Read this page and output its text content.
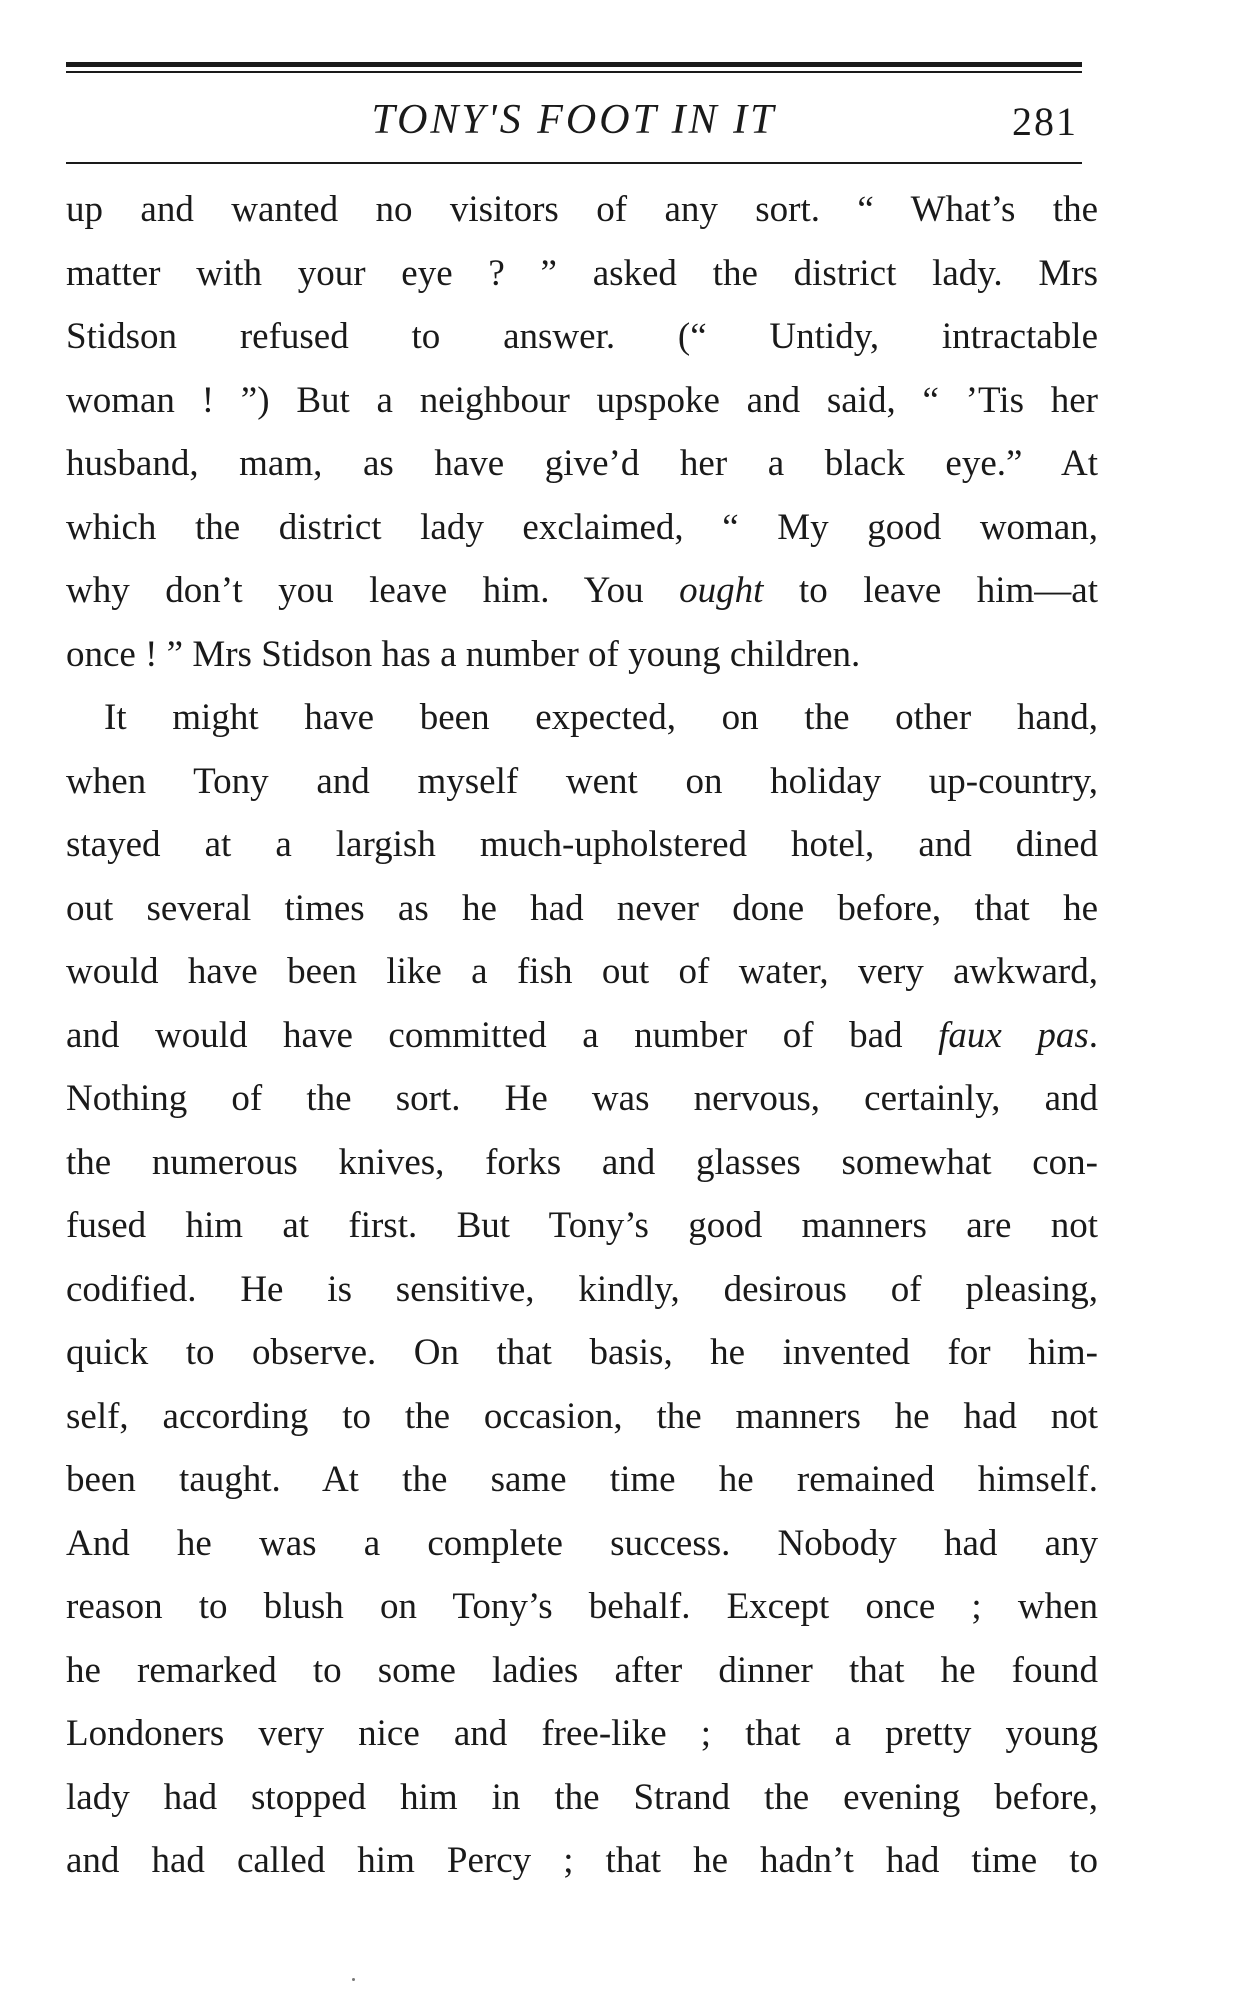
TONY'S FOOT IN IT	281
up and wanted no visitors of any sort. “ What’s the
matter with your eye ? ” asked the district lady. Mrs
Stidson refused to answer. (“ Untidy, intractable
woman ! ”) But a neighbour upspoke and said, “ ’Tis her
husband, mam, as have give’d her a black eye.” At
which the district lady exclaimed, “ My good woman,
why don’t you leave him. You ought to leave him—at
once ! ” Mrs Stidson has a number of young children.
It might have been expected, on the other hand,
when Tony and myself went on holiday up-country,
stayed at a largish much-upholstered hotel, and dined
out several times as he had never done before, that he
would have been like a fish out of water, very awkward,
and would have committed a number of bad faux pas.
Nothing of the sort. He was nervous, certainly, and
the numerous knives, forks and glasses somewhat con-
fused him at first. But Tony’s good manners are not
codified. He is sensitive, kindly, desirous of pleasing,
quick to observe. On that basis, he invented for him-
self, according to the occasion, the manners he had not
been taught. At the same time he remained himself.
And he was a complete success. Nobody had any
reason to blush on Tony’s behalf. Except once ; when
he remarked to some ladies after dinner that he found
Londoners very nice and free-like ; that a pretty young
lady had stopped him in the Strand the evening before,
and had called him Percy ; that he hadn’t had time to
